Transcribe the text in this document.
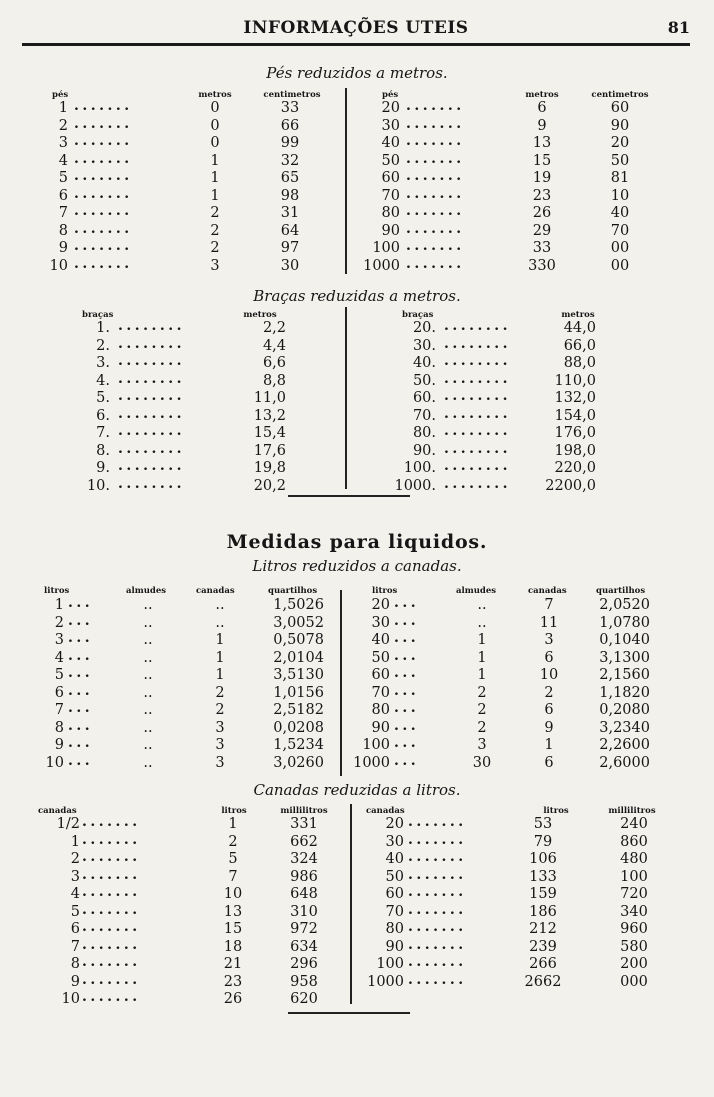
INFORMAÇÕES UTEIS	81
Pés reduzidos a metros.
pés	metros	centimetros	pés	metros	centimetros
1	0	33
.......
2	0	66
.......
3	0	99
.......
4	1	32
.......
5	1	65
.......
6	1	98
.......
7	2	31
.......
8	2	64
.......
9	2	97
.......
10	3	30
.......
20	6	60
.......
30	9	90
.......
40	13	20
.......
50	15	50
.......
60	19	81
.......
70	23	10
.......
80	26	40
.......
90	29	70
.......
100	33	00
.......
1000	330	00
.......
Braças reduzidas a metros.
braças	metros	braças	metros
1.	2,2
........
2.	4,4
........
3.	6,6
........
4.	8,8
........
5.	11,0
........
6.	13,2
........
7.	15,4
........
8.	17,6
........
9.	19,8
........
10.	20,2
........
20.	44,0
........
30.	66,0
........
40.	88,0
........
50.	110,0
........
60.	132,0
........
70.	154,0
........
80.	176,0
........
90.	198,0
........
100.	220,0
........
1000.	2200,0
........
Medidas para liquidos.
Litros reduzidos a canadas.
litros	almudes	canadas	quartilhos	litros	almudes	canadas	quartilhos
1	..	..	1,5026
...
2	..	..	3,0052
...
3	..	1	0,5078
...
4	..	1	2,0104
...
5	..	1	3,5130
...
6	..	2	1,0156
...
7	..	2	2,5182
...
8	..	3	0,0208
...
9	..	3	1,5234
...
10	..	3	3,0260
...
20	..	7	2,0520
...
30	..	11	1,0780
...
40	1	3	0,1040
...
50	1	6	3,1300
...
60	1	10	2,1560
...
70	2	2	1,1820
...
80	2	6	0,2080
...
90	2	9	3,2340
...
100	3	1	2,2600
...
1000	30	6	2,6000
...
Canadas reduzidas a litros.
canadas	litros	millilitros	canadas	litros	millilitros
1/2	1	331
.......
1	2	662
.......
2	5	324
.......
3	7	986
.......
4	10	648
.......
5	13	310
.......
6	15	972
.......
7	18	634
.......
8	21	296
.......
9	23	958
.......
10	26	620
.......
20	53	240
.......
30	79	860
.......
40	106	480
.......
50	133	100
.......
60	159	720
.......
70	186	340
.......
80	212	960
.......
90	239	580
.......
100	266	200
.......
1000	2662	000
.......
